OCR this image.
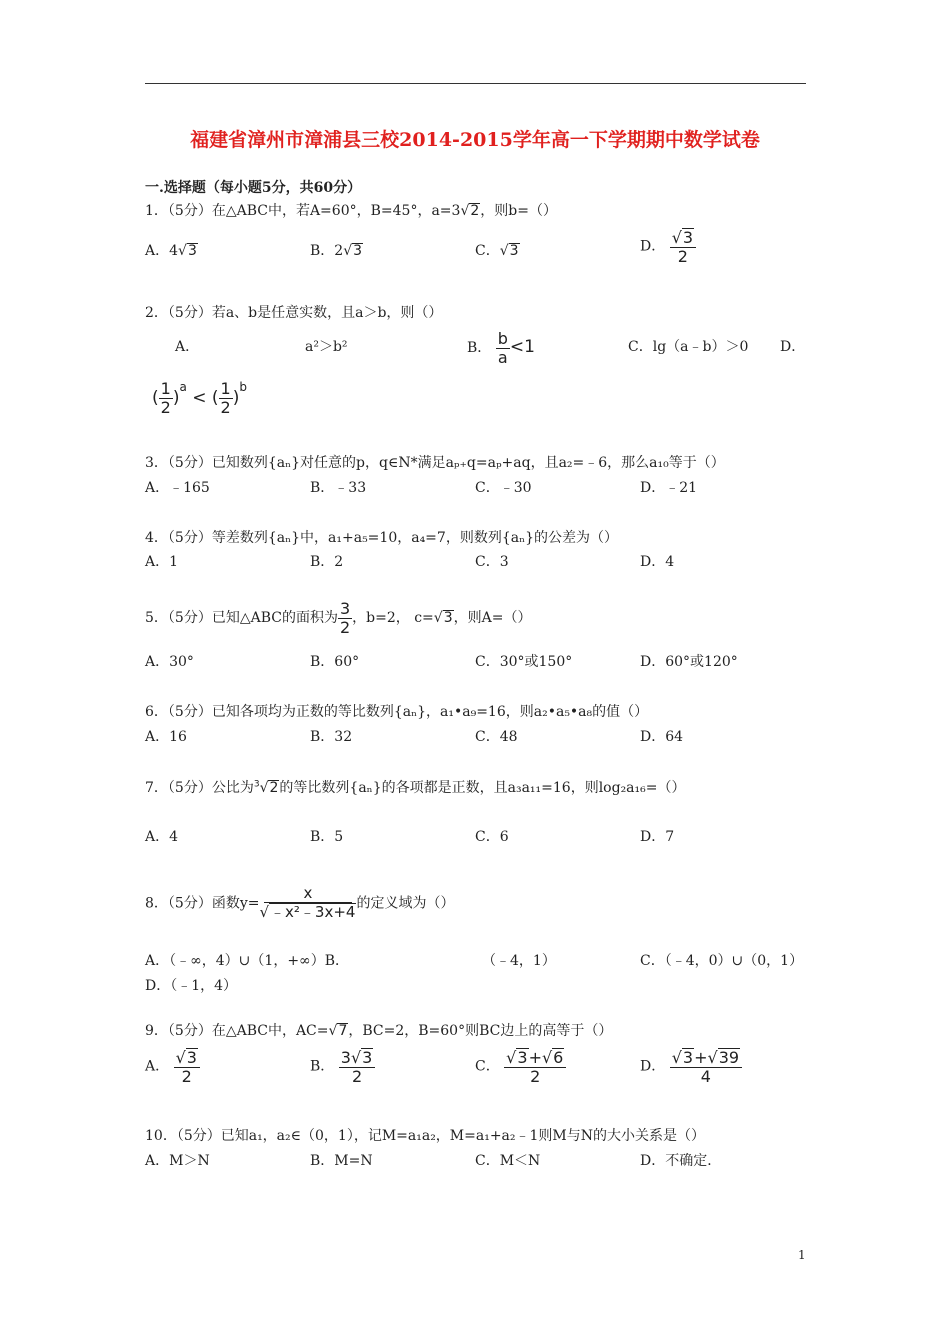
福建省漳州市漳浦县三校2014-2015学年高一下学期期中数学试卷
一.选择题（每小题5分，共60分）
1．（5分）在△ABC中，若A=60°，B=45°，a=3√2，则b=（）
A．4√3	B．2√3	C．√3	D． $\frac{√3}{2}$
2．（5分）若a、b是任意实数，且a＞b，则（）
A．	a²＞b²	B． $\frac{b}{a} <1$	C．lg（a﹣b）＞0 D．
( $\frac{1}{2} )^a$ < ( $\frac{1}{2} )^b$
3．（5分）已知数列{aₙ}对任意的p，q∈N*满足aₚ₊q=aₚ+aq，且a₂=﹣6，那么a₁₀等于（）
A．﹣165	B．﹣33	C．﹣30	D．﹣21
4．（5分）等差数列{aₙ}中，a₁+a₅=10，a₄=7，则数列{aₙ}的公差为（）
A．1	B．2	C．3	D．4
5．（5分）已知△ABC的面积为 $\frac{3}{2}$ ，b=2， c=√3，则A=（）
A．30°	B．60°	C．30°或150°	D．60°或120°
6．（5分）已知各项均为正数的等比数列{aₙ}，a₁•a₉=16，则a₂•a₅•a₈的值（）
A．16	B．32	C．48	D．64
7．（5分）公比为$^3$√2的等比数列{aₙ}的各项都是正数，且a₃a₁₁=16，则log₂a₁₆=（）
A．4	B．5	C．6	D．7
8．（5分）函数$y= \frac{x}{\text{√﹣x²﹣3x+4}}$ 的定义域为（）
A．（﹣∞，4）∪（1，+∞）B．	（﹣4，1）	C．（﹣4，0）∪（0，1）
D．（﹣1，4）
9．（5分）在△ABC中，AC=√7，BC=2，B=60°则BC边上的高等于（）
A． $\frac{√3}{2}$	B． $\frac{3√3}{2}$	C． $\frac{√3+√6}{2}$	D． $\frac{√3+√39}{4}$
10．（5分）已知a₁，a₂∈（0，1），记M=a₁a₂，M=a₁+a₂﹣1则M与N的大小关系是（）
A．M＞N	B．M=N	C．M＜N	D．不确定．
1
